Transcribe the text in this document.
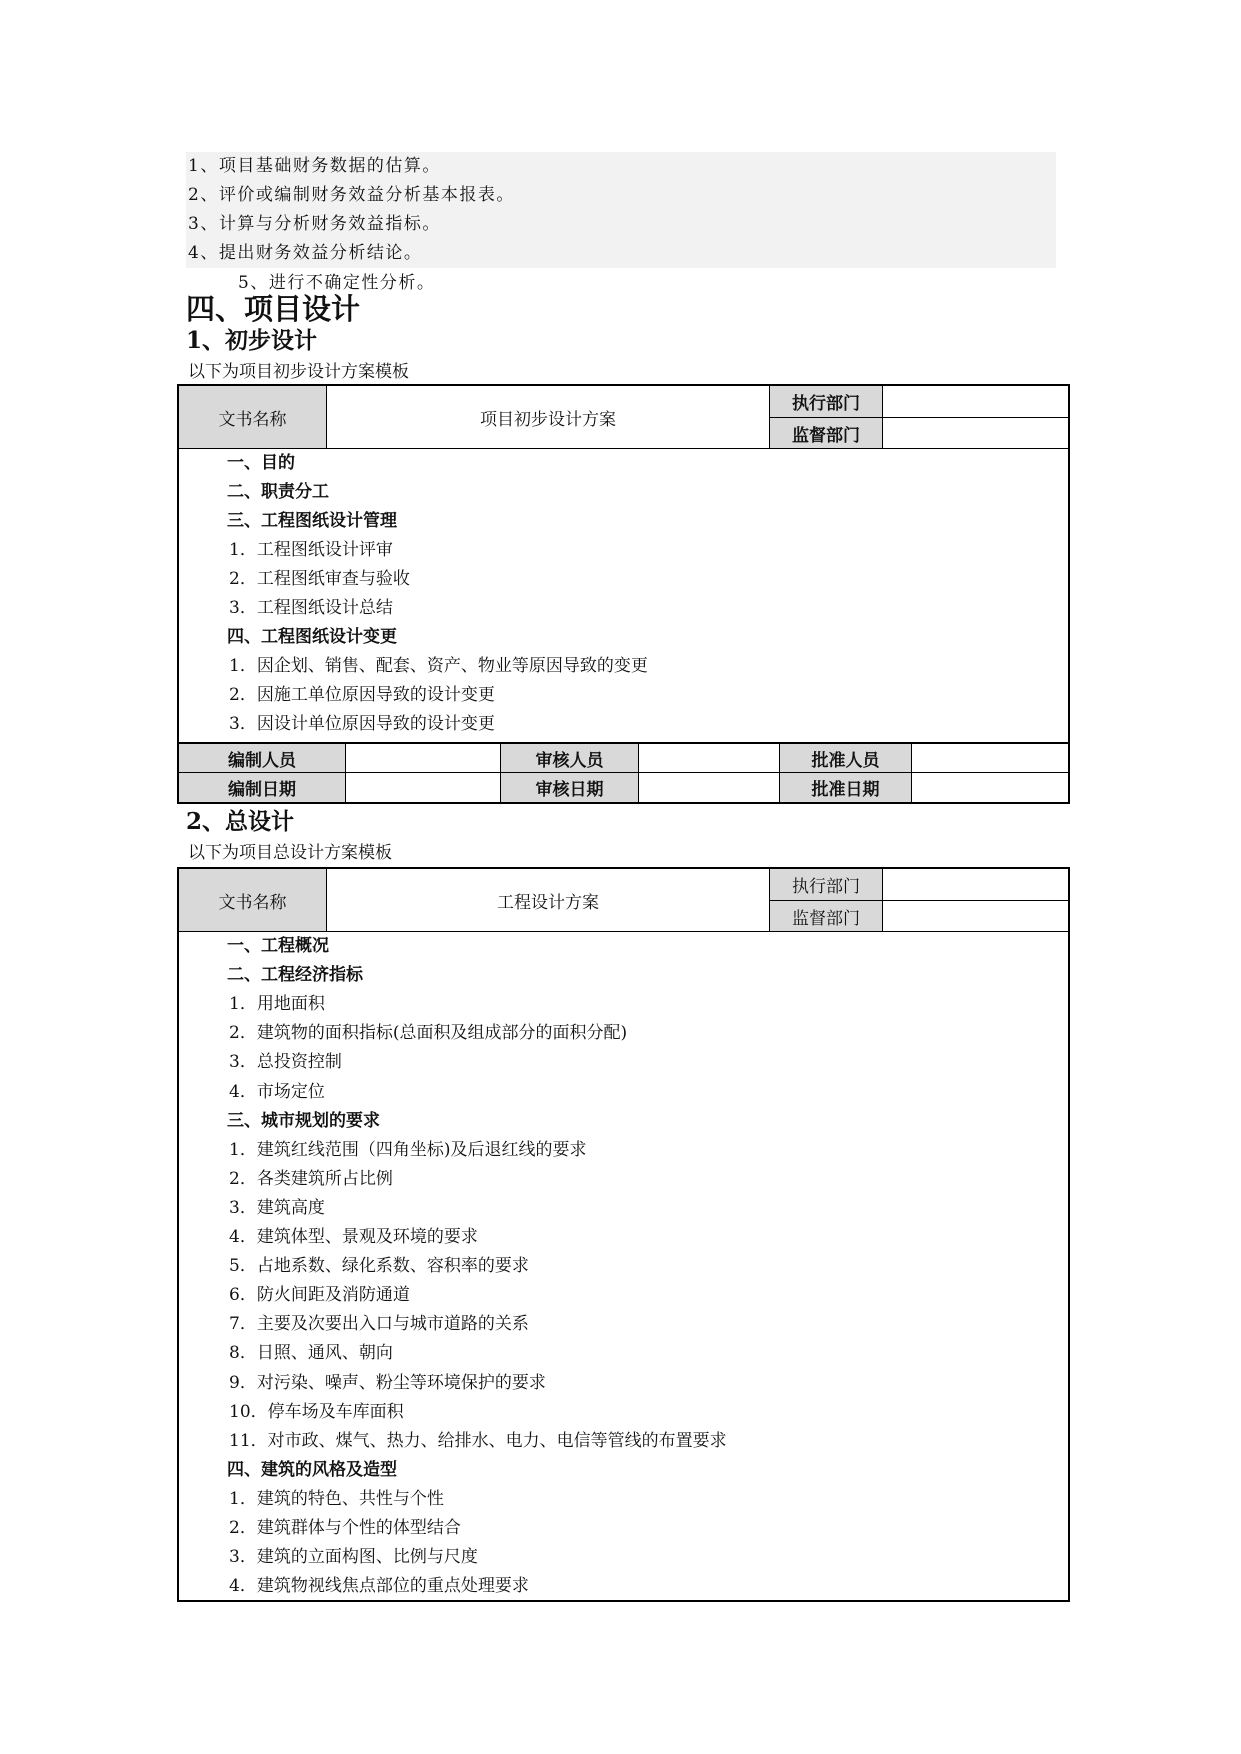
1、项目基础财务数据的估算。
2、评价或编制财务效益分析基本报表。
3、计算与分析财务效益指标。
4、提出财务效益分析结论。
5、进行不确定性分析。
四、项目设计
1、初步设计
以下为项目初步设计方案模板
文书名称	项目初步设计方案
执行部门
监督部门
一、目的
二、职责分工
三、工程图纸设计管理
1．工程图纸设计评审
2．工程图纸审查与验收
3．工程图纸设计总结
四、工程图纸设计变更
1．因企划、销售、配套、资产、物业等原因导致的变更
2．因施工单位原因导致的设计变更
3．因设计单位原因导致的设计变更
编制人员
编制日期
审核人员
审核日期
批准人员
批准日期
2、总设计
以下为项目总设计方案模板
文书名称	工程设计方案
执行部门
监督部门
一、工程概况
二、工程经济指标
1．用地面积
2．建筑物的面积指标(总面积及组成部分的面积分配)
3．总投资控制
4．市场定位
三、城市规划的要求
1．建筑红线范围（四角坐标)及后退红线的要求
2．各类建筑所占比例
3．建筑高度
4．建筑体型、景观及环境的要求
5．占地系数、绿化系数、容积率的要求
6．防火间距及消防通道
7．主要及次要出入口与城市道路的关系
8．日照、通风、朝向
9．对污染、噪声、粉尘等环境保护的要求
10．停车场及车库面积
11．对市政、煤气、热力、给排水、电力、电信等管线的布置要求
四、建筑的风格及造型
1．建筑的特色、共性与个性
2．建筑群体与个性的体型结合
3．建筑的立面构图、比例与尺度
4．建筑物视线焦点部位的重点处理要求
